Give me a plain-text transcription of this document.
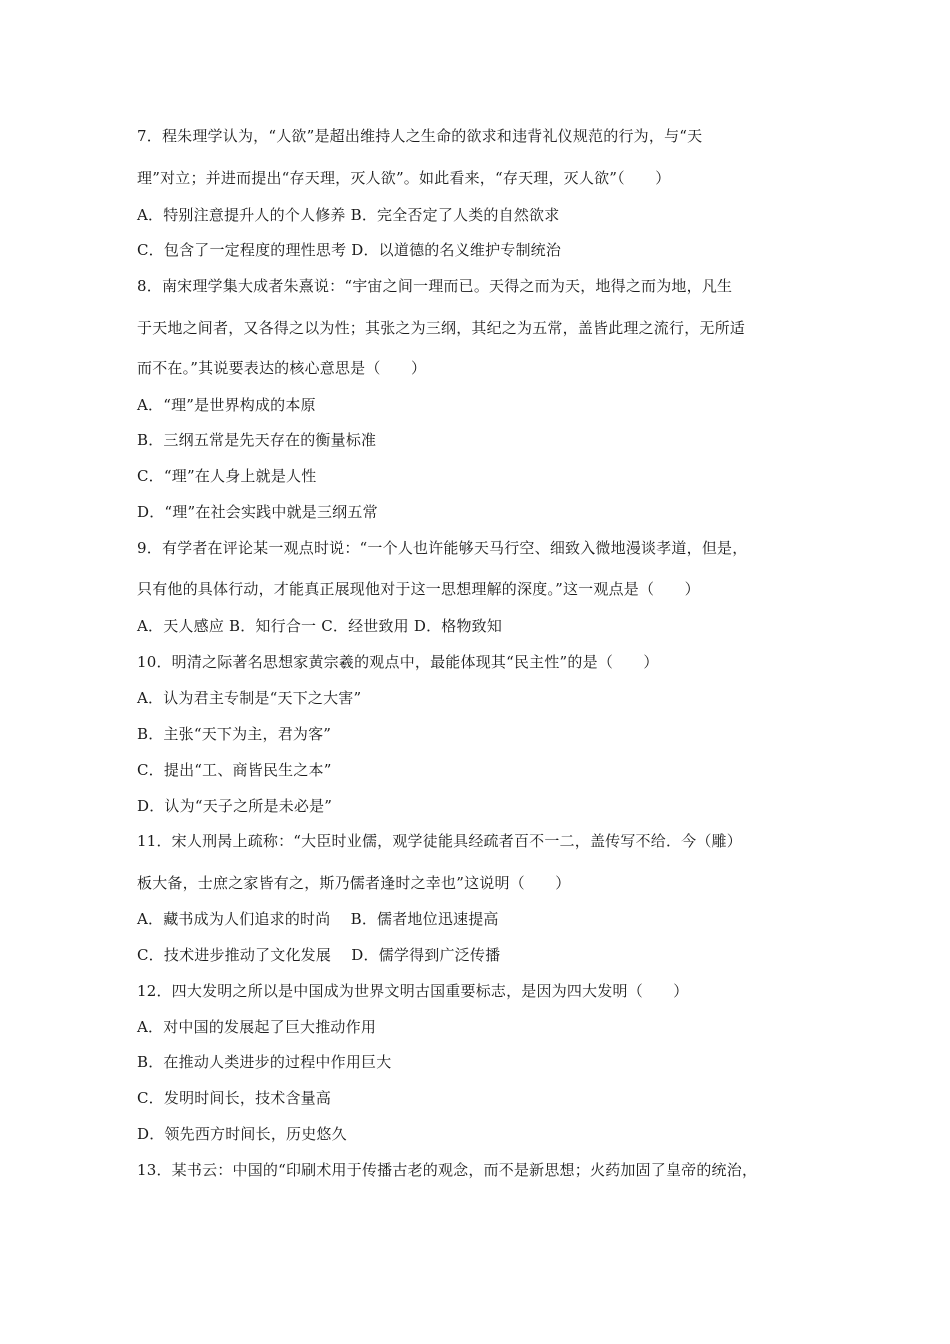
7．程朱理学认为，“人欲”是超出维持人之生命的欲求和违背礼仪规范的行为，与“天
理”对立；并进而提出“存天理，灭人欲”。如此看来，“存天理，灭人欲”（　　）
A．特别注意提升人的个人修养 B．完全否定了人类的自然欲求
C．包含了一定程度的理性思考 D．以道德的名义维护专制统治
8．南宋理学集大成者朱熹说：“宇宙之间一理而已。天得之而为天，地得之而为地，凡生
于天地之间者，又各得之以为性；其张之为三纲，其纪之为五常，盖皆此理之流行，无所适
而不在。”其说要表达的核心意思是（　　）
A．“理”是世界构成的本原
B．三纲五常是先天存在的衡量标准
C．“理”在人身上就是人性
D．“理”在社会实践中就是三纲五常
9．有学者在评论某一观点时说：“一个人也许能够天马行空、细致入微地漫谈孝道，但是，
只有他的具体行动，才能真正展现他对于这一思想理解的深度。”这一观点是（　　）
A．天人感应 B．知行合一 C．经世致用 D．格物致知
10．明清之际著名思想家黄宗羲的观点中，最能体现其“民主性”的是（　　）
A．认为君主专制是“天下之大害”
B．主张“天下为主，君为客”
C．提出“工、商皆民生之本”
D．认为“天子之所是未必是”
11．宋人刑昺上疏称：“大臣时业儒，观学徒能具经疏者百不一二，盖传写不给．今（雕）
板大备，士庶之家皆有之，斯乃儒者逢时之幸也”这说明（　　）
A．藏书成为人们追求的时尚　 B．儒者地位迅速提高
C．技术进步推动了文化发展　 D．儒学得到广泛传播
12．四大发明之所以是中国成为世界文明古国重要标志，是因为四大发明（　　）
A．对中国的发展起了巨大推动作用
B．在推动人类进步的过程中作用巨大
C．发明时间长，技术含量高
D．领先西方时间长，历史悠久
13．某书云：中国的“印刷术用于传播古老的观念，而不是新思想；火药加固了皇帝的统治，
